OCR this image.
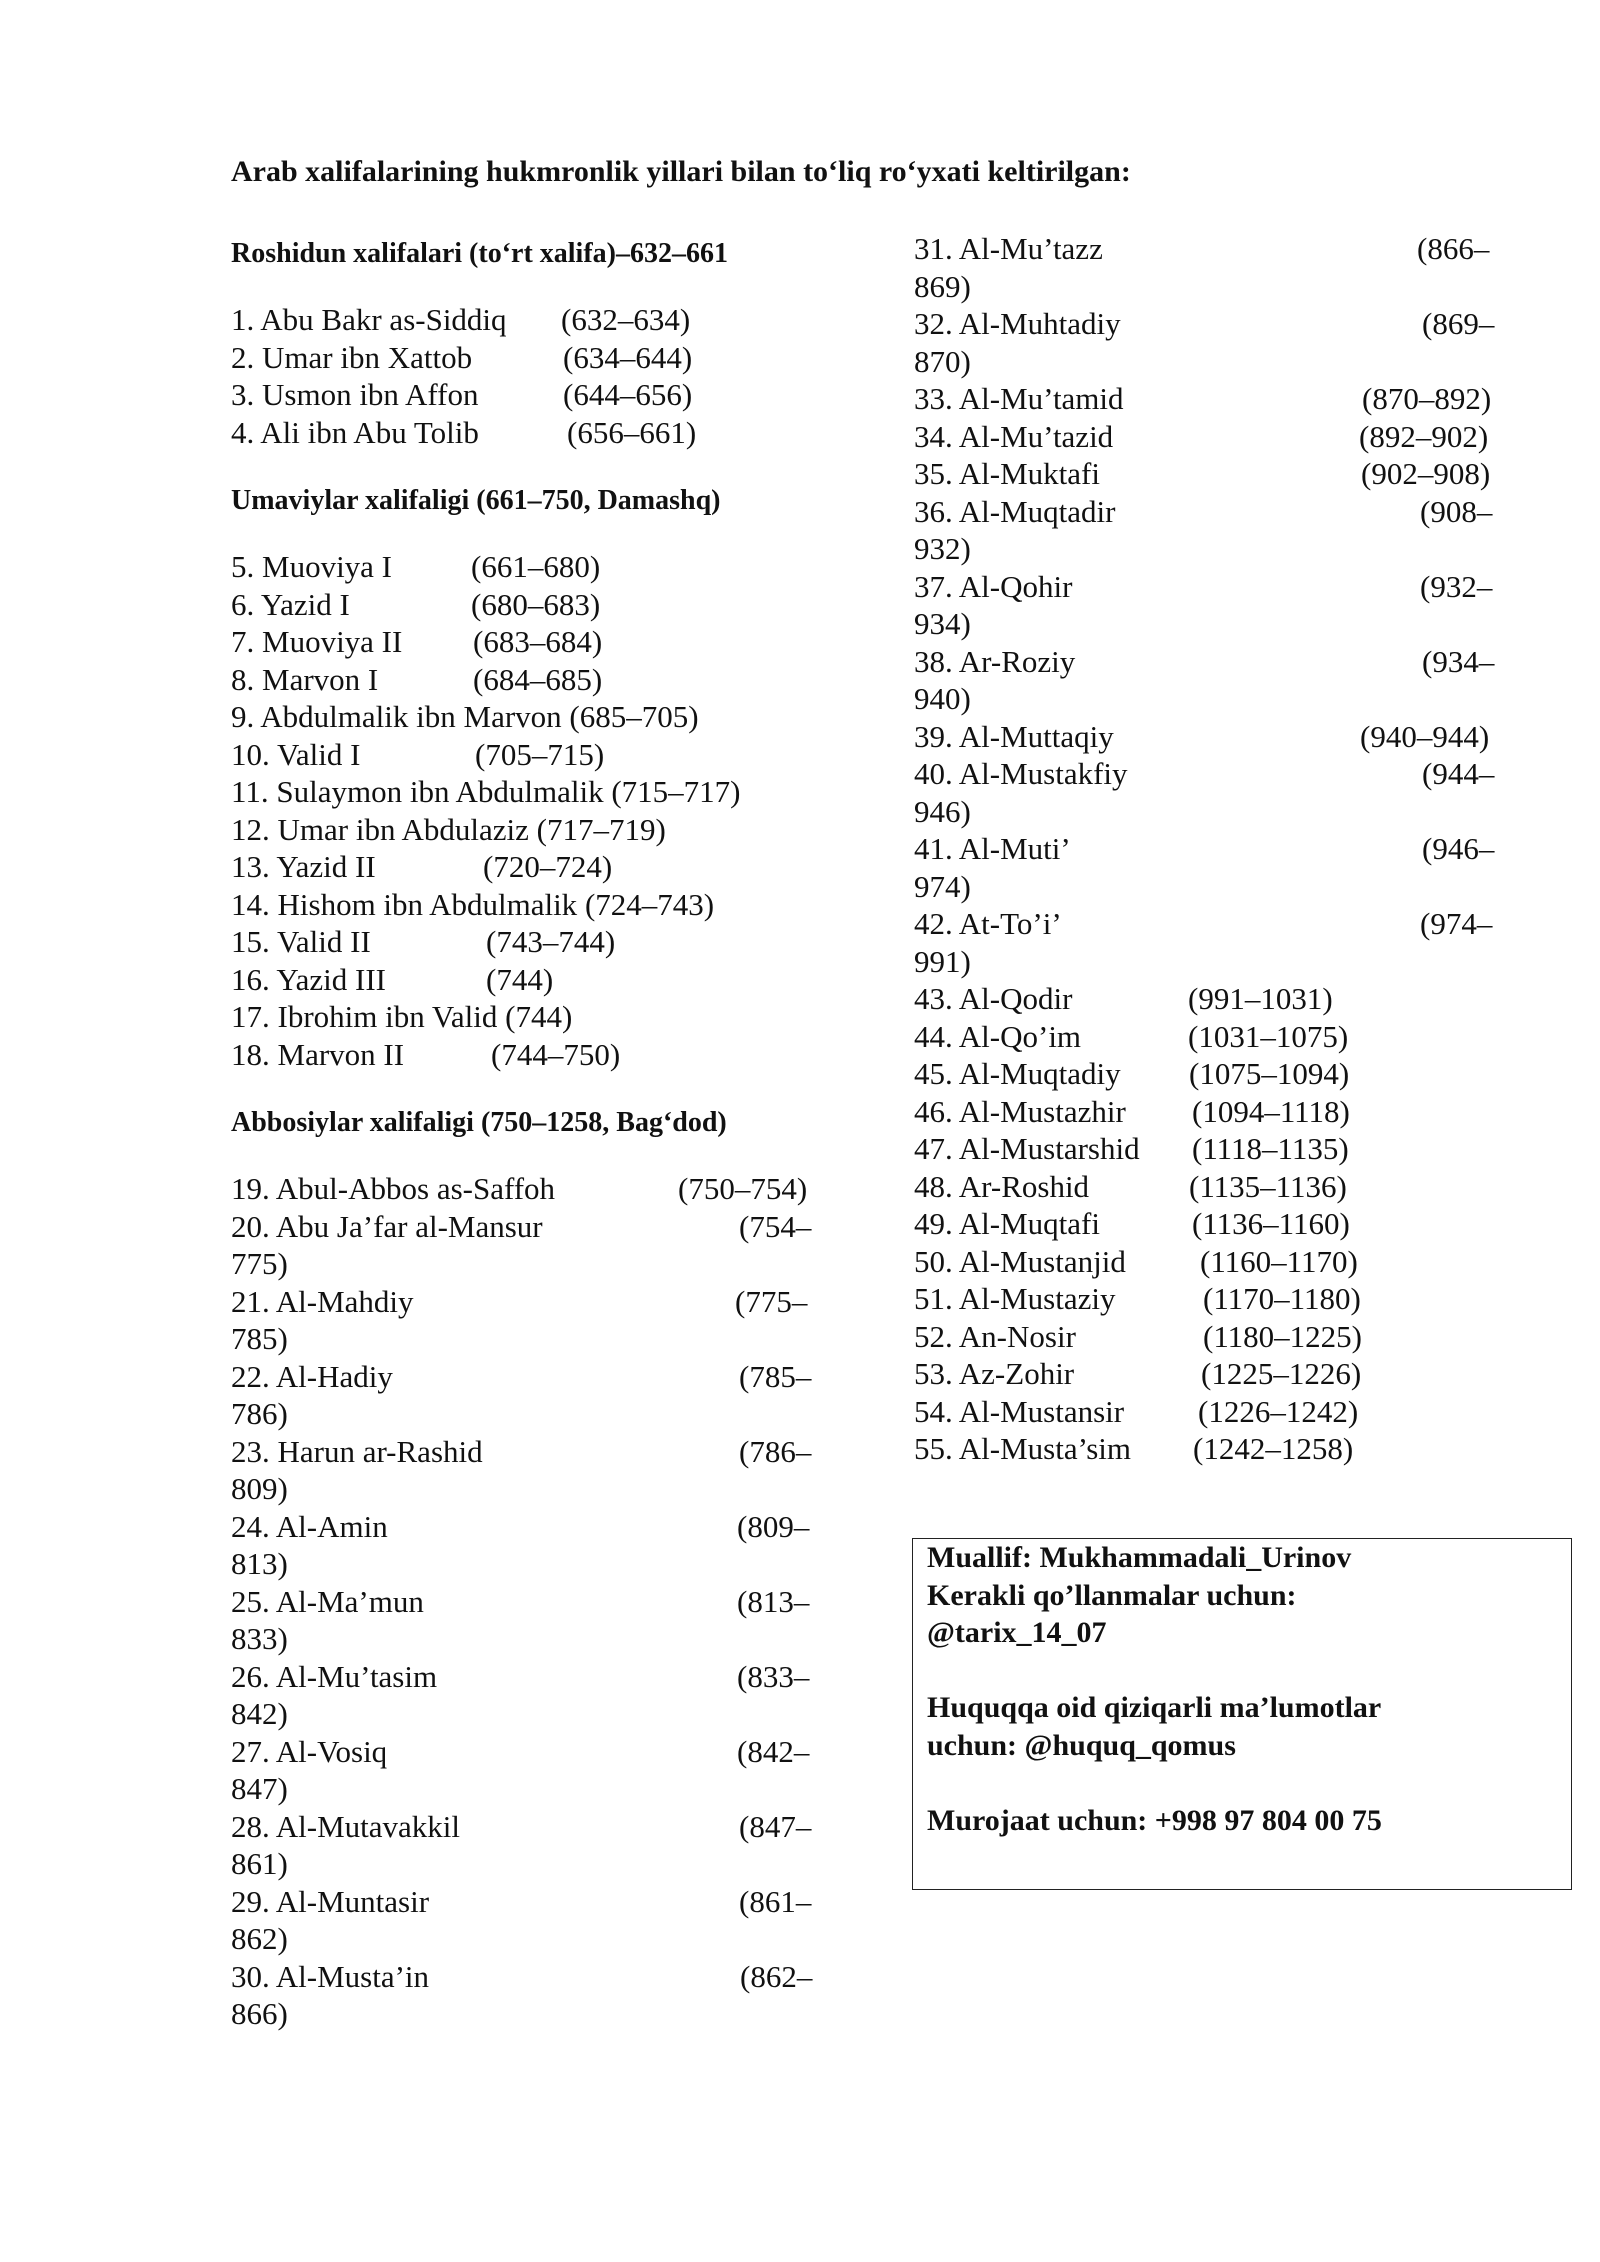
Arab xalifalarining hukmronlik yillari bilan to‘liq ro‘yxati keltirilgan:
Roshidun xalifalari (to‘rt xalifa)–632–661
1. Abu Bakr as-Siddiq (632–634)
2. Umar ibn Xattob	(634–644)
3. Usmon ibn Affon	(644–656)
4. Ali ibn Abu Tolib	(656–661)
Umaviylar xalifaligi (661–750, Damashq)
5. Muoviya I	(661–680)
6. Yazid I	(680–683)
7. Muoviya II (683–684)
8. Marvon I	(684–685)
9. Abdulmalik ibn Marvon (685–705)
10. Valid I	(705–715)
11. Sulaymon ibn Abdulmalik (715–717)
12. Umar ibn Abdulaziz (717–719)
13. Yazid II	(720–724)
14. Hishom ibn Abdulmalik (724–743)
15. Valid II	(743–744)
16. Yazid III	(744)
17. Ibrohim ibn Valid (744)
18. Marvon II	(744–750)
Abbosiylar xalifaligi (750–1258, Bag‘dod)
19. Abul-Abbos as-Saffoh	(750–754)
20. Abu Ja’far al-Mansur	(754–
775)
21. Al-Mahdiy	(775–
785)
22. Al-Hadiy	(785–
786)
23. Harun ar-Rashid	(786–
809)
24. Al-Amin	(809–
813)
25. Al-Ma’mun	(813–
833)
26. Al-Mu’tasim	(833–
842)
27. Al-Vosiq	(842–
847)
28. Al-Mutavakkil	(847–
861)
29. Al-Muntasir	(861–
862)
30. Al-Musta’in	(862–
866)
31. Al-Mu’tazz	(866–
869)
32. Al-Muhtadiy	(869–
870)
33. Al-Mu’tamid	(870–892)
34. Al-Mu’tazid	(892–902)
35. Al-Muktafi	(902–908)
36. Al-Muqtadir	(908–
932)
37. Al-Qohir	(932–
934)
38. Ar-Roziy	(934–
940)
39. Al-Muttaqiy	(940–944)
40. Al-Mustakfiy	(944–
946)
41. Al-Muti’	(946–
974)
42. At-To’i’	(974–
991)
43. Al-Qodir	(991–1031)
44. Al-Qo’im	(1031–1075)
45. Al-Muqtadiy (1075–1094)
46. Al-Mustazhir (1094–1118)
47. Al-Mustarshid (1118–1135)
48. Ar-Roshid	(1135–1136)
49. Al-Muqtafi	(1136–1160)
50. Al-Mustanjid (1160–1170)
51. Al-Mustaziy	(1170–1180)
52. An-Nosir	(1180–1225)
53. Az-Zohir	(1225–1226)
54. Al-Mustansir (1226–1242)
55. Al-Musta’sim (1242–1258)

Muallif: Mukhammadali_Urinov

Kerakli qo’llanmalar uchun:

@tarix_14_07

Huquqqa oid qiziqarli ma’lumotlar

uchun: @huquq_qomus

Murojaat uchun: +998 97 804 00 75
